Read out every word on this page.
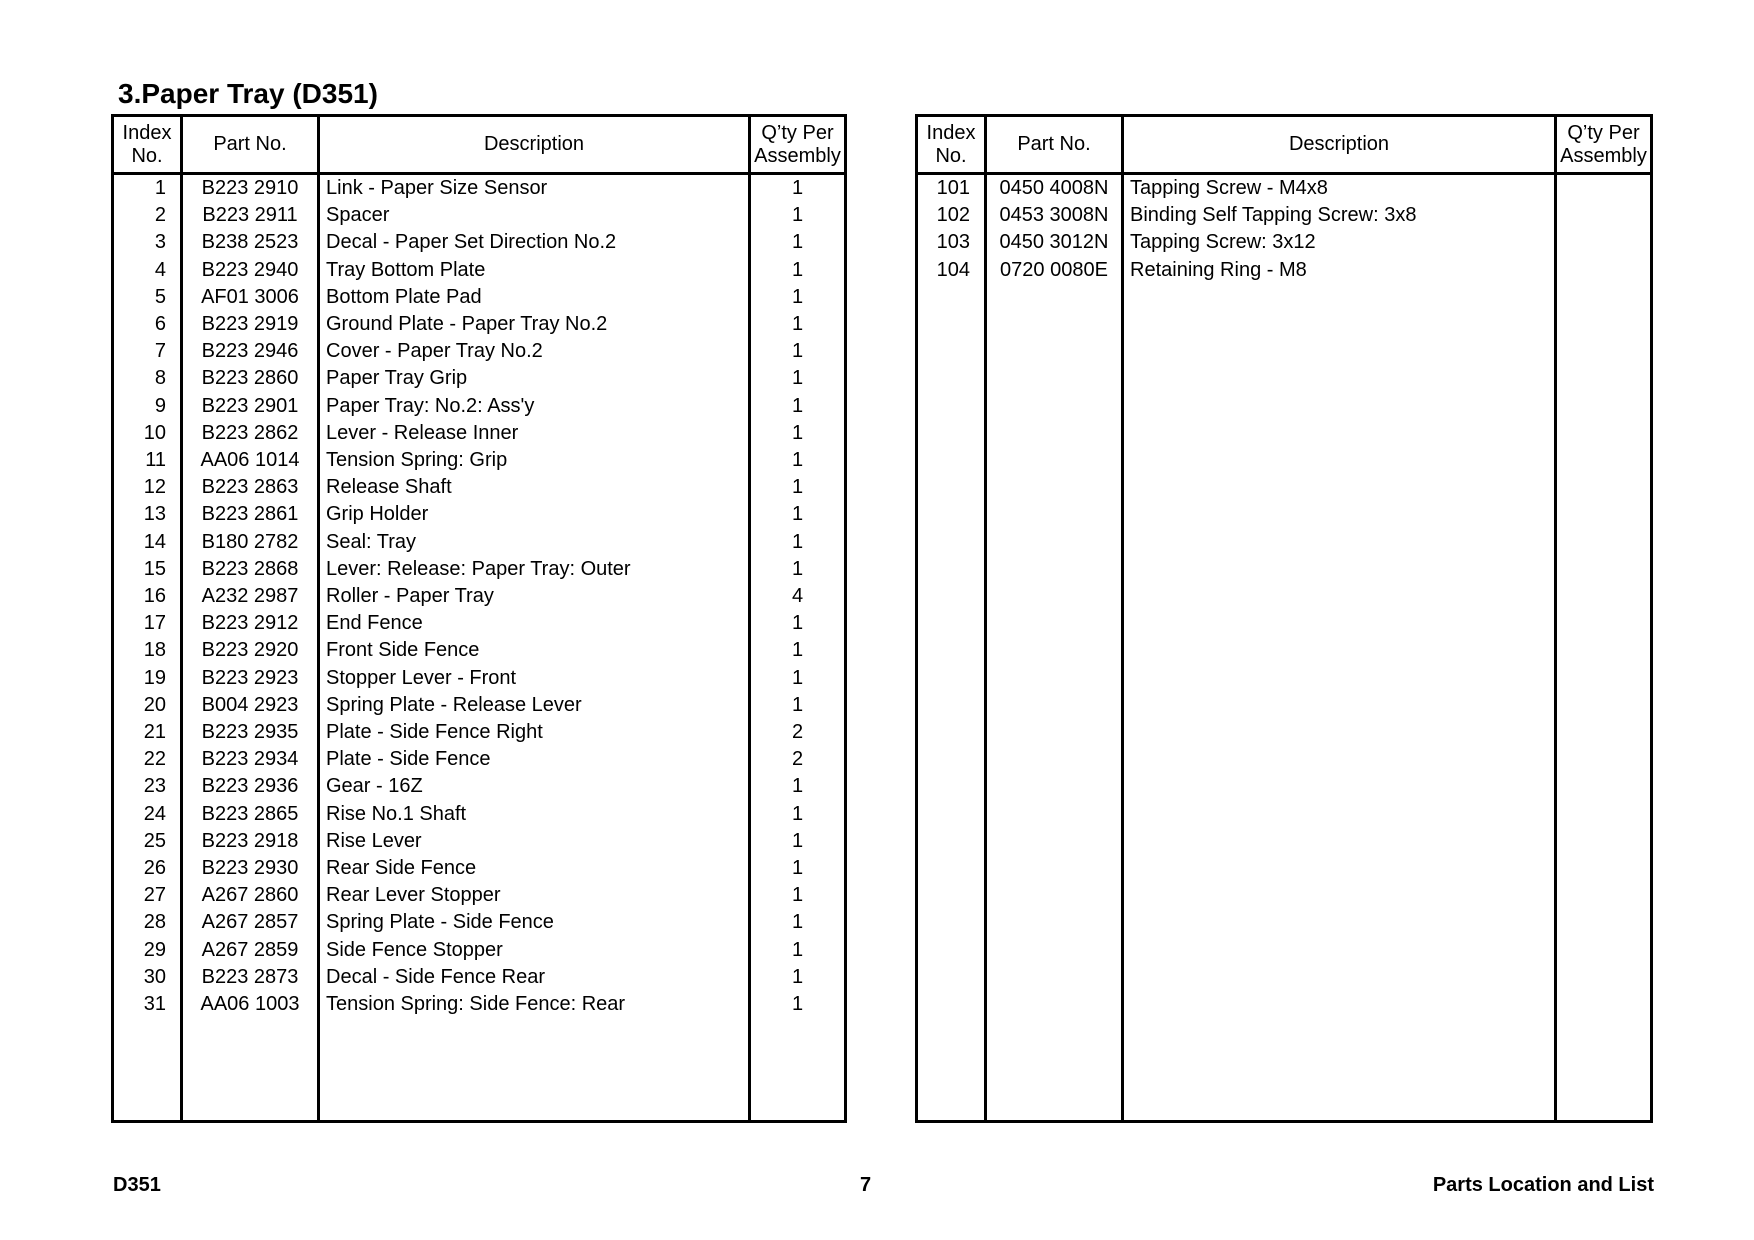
3.Paper Tray (D351)
Index
No.	Part No.	Description	Q’ty Per
Assembly
1	B223 2910	Link - Paper Size Sensor	1
2	B223 2911	Spacer	1
3	B238 2523	Decal - Paper Set Direction No.2	1
4	B223 2940	Tray Bottom Plate	1
5	AF01 3006	Bottom Plate Pad	1
6	B223 2919	Ground Plate - Paper Tray No.2	1
7	B223 2946	Cover - Paper Tray No.2	1
8	B223 2860	Paper Tray Grip	1
9	B223 2901	Paper Tray: No.2: Ass'y	1
10	B223 2862	Lever - Release Inner	1
11	AA06 1014	Tension Spring: Grip	1
12	B223 2863	Release Shaft	1
13	B223 2861	Grip Holder	1
14	B180 2782	Seal: Tray	1
15	B223 2868	Lever: Release: Paper Tray: Outer	1
16	A232 2987	Roller - Paper Tray	4
17	B223 2912	End Fence	1
18	B223 2920	Front Side Fence	1
19	B223 2923	Stopper Lever - Front	1
20	B004 2923	Spring Plate - Release Lever	1
21	B223 2935	Plate - Side Fence Right	2
22	B223 2934	Plate - Side Fence	2
23	B223 2936	Gear - 16Z	1
24	B223 2865	Rise No.1 Shaft	1
25	B223 2918	Rise Lever	1
26	B223 2930	Rear Side Fence	1
27	A267 2860	Rear Lever Stopper	1
28	A267 2857	Spring Plate - Side Fence	1
29	A267 2859	Side Fence Stopper	1
30	B223 2873	Decal - Side Fence Rear	1
31	AA06 1003	Tension Spring: Side Fence: Rear	1

Index
No.	Part No.	Description	Q’ty Per
Assembly
101	0450 4008N	Tapping Screw - M4x8	
102	0453 3008N	Binding Self Tapping Screw: 3x8	
103	0450 3012N	Tapping Screw: 3x12	
104	0720 0080E	Retaining Ring - M8	

D351	7	Parts Location and List
